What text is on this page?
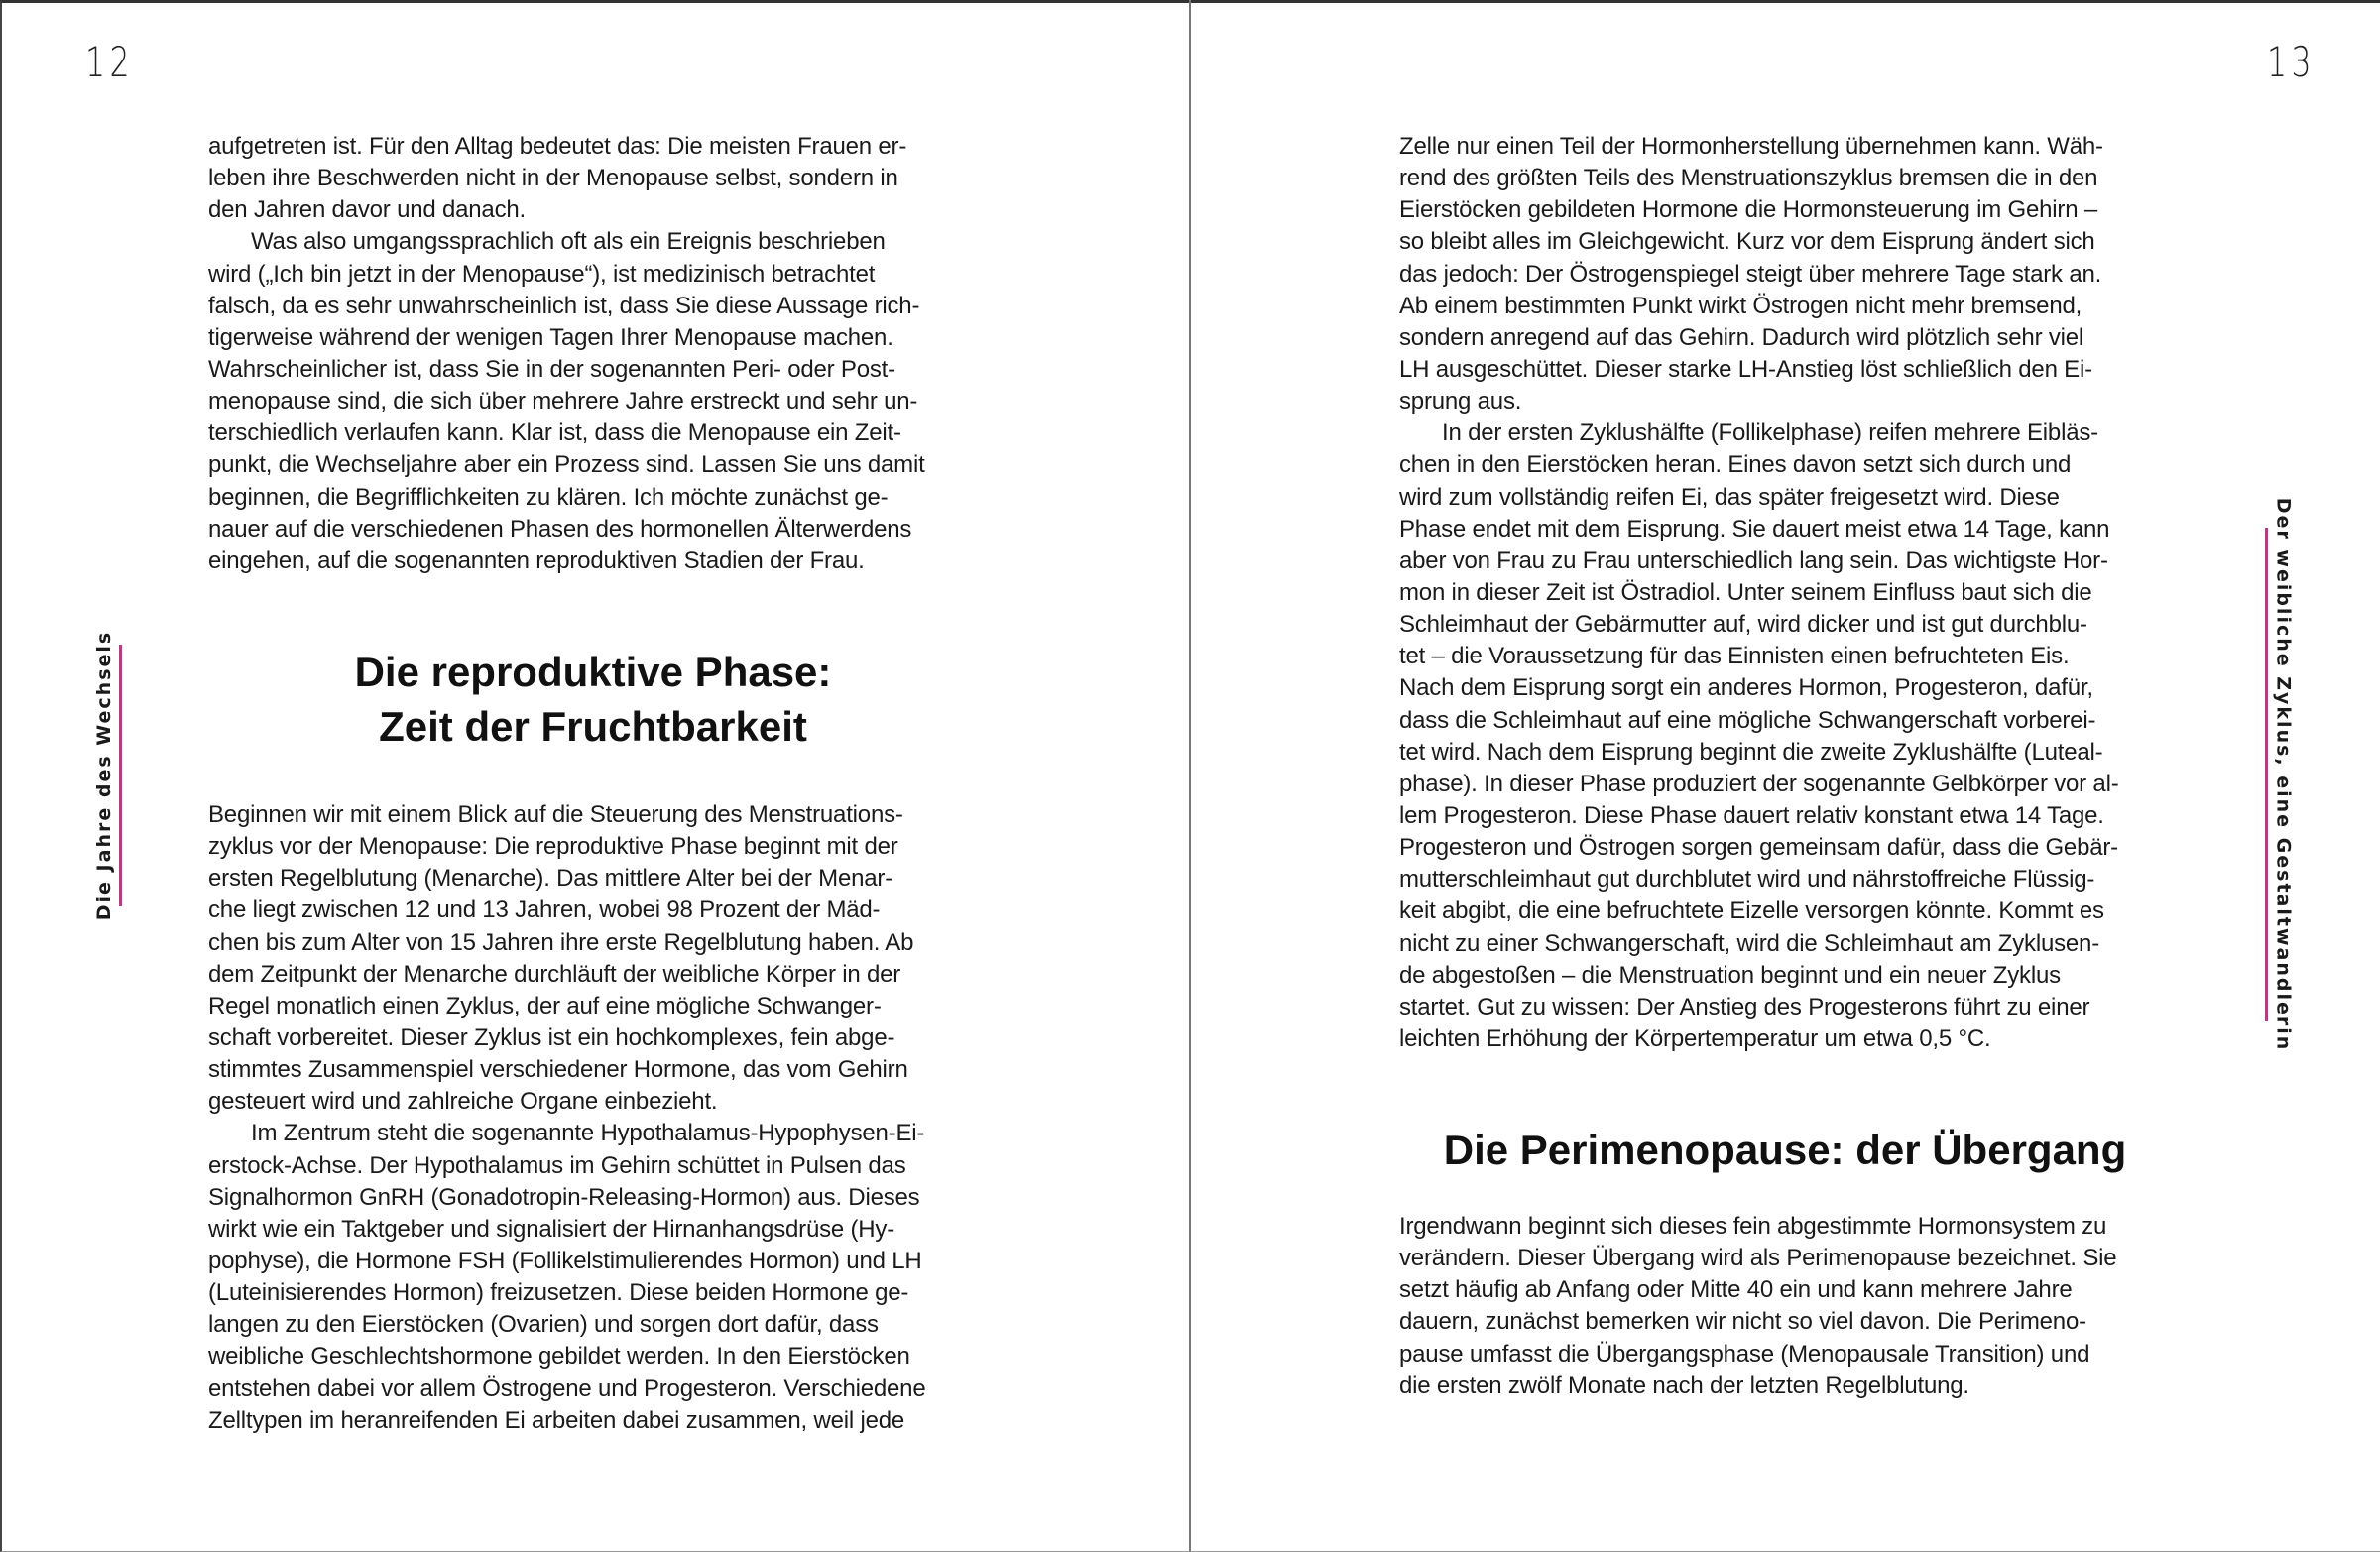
12	13
Die Jahre des Wechsels	Der weibliche Zyklus, eine Gestaltwandlerin
aufgetreten ist. Für den Alltag bedeutet das: Die meisten Frauen er-
leben ihre Beschwerden nicht in der Menopause selbst, sondern in
den Jahren davor und danach.
Was also umgangssprachlich oft als ein Ereignis beschrieben
wird („Ich bin jetzt in der Menopause“), ist medizinisch betrachtet
falsch, da es sehr unwahrscheinlich ist, dass Sie diese Aussage rich-
tigerweise während der wenigen Tagen Ihrer Menopause machen.
Wahrscheinlicher ist, dass Sie in der sogenannten Peri- oder Post-
menopause sind, die sich über mehrere Jahre erstreckt und sehr un-
terschiedlich verlaufen kann. Klar ist, dass die Menopause ein Zeit-
punkt, die Wechseljahre aber ein Prozess sind. Lassen Sie uns damit
beginnen, die Begrifflichkeiten zu klären. Ich möchte zunächst ge-
nauer auf die verschiedenen Phasen des hormonellen Älterwerdens
eingehen, auf die sogenannten reproduktiven Stadien der Frau.
Die reproduktive Phase:
Zeit der Fruchtbarkeit
Beginnen wir mit einem Blick auf die Steuerung des Menstruations-
zyklus vor der Menopause: Die reproduktive Phase beginnt mit der
ersten Regelblutung (Menarche). Das mittlere Alter bei der Menar-
che liegt zwischen 12 und 13 Jahren, wobei 98 Prozent der Mäd-
chen bis zum Alter von 15 Jahren ihre erste Regelblutung haben. Ab
dem Zeitpunkt der Menarche durchläuft der weibliche Körper in der
Regel monatlich einen Zyklus, der auf eine mögliche Schwanger-
schaft vorbereitet. Dieser Zyklus ist ein hochkomplexes, fein abge-
stimmtes Zusammenspiel verschiedener Hormone, das vom Gehirn
gesteuert wird und zahlreiche Organe einbezieht.
Im Zentrum steht die sogenannte Hypothalamus-Hypophysen-Ei-
erstock-Achse. Der Hypothalamus im Gehirn schüttet in Pulsen das
Signalhormon GnRH (Gonadotropin-Releasing-Hormon) aus. Dieses
wirkt wie ein Taktgeber und signalisiert der Hirnanhangsdrüse (Hy-
pophyse), die Hormone FSH (Follikelstimulierendes Hormon) und LH
(Luteinisierendes Hormon) freizusetzen. Diese beiden Hormone ge-
langen zu den Eierstöcken (Ovarien) und sorgen dort dafür, dass
weibliche Geschlechtshormone gebildet werden. In den Eierstöcken
entstehen dabei vor allem Östrogene und Progesteron. Verschiedene
Zelltypen im heranreifenden Ei arbeiten dabei zusammen, weil jede
Zelle nur einen Teil der Hormonherstellung übernehmen kann. Wäh-
rend des größten Teils des Menstruationszyklus bremsen die in den
Eierstöcken gebildeten Hormone die Hormonsteuerung im Gehirn –
so bleibt alles im Gleichgewicht. Kurz vor dem Eisprung ändert sich
das jedoch: Der Östrogenspiegel steigt über mehrere Tage stark an.
Ab einem bestimmten Punkt wirkt Östrogen nicht mehr bremsend,
sondern anregend auf das Gehirn. Dadurch wird plötzlich sehr viel
LH ausgeschüttet. Dieser starke LH-Anstieg löst schließlich den Ei-
sprung aus.
In der ersten Zyklushälfte (Follikelphase) reifen mehrere Eibläs-
chen in den Eierstöcken heran. Eines davon setzt sich durch und
wird zum vollständig reifen Ei, das später freigesetzt wird. Diese
Phase endet mit dem Eisprung. Sie dauert meist etwa 14 Tage, kann
aber von Frau zu Frau unterschiedlich lang sein. Das wichtigste Hor-
mon in dieser Zeit ist Östradiol. Unter seinem Einfluss baut sich die
Schleimhaut der Gebärmutter auf, wird dicker und ist gut durchblu-
tet – die Voraussetzung für das Einnisten einen befruchteten Eis.
Nach dem Eisprung sorgt ein anderes Hormon, Progesteron, dafür,
dass die Schleimhaut auf eine mögliche Schwangerschaft vorberei-
tet wird. Nach dem Eisprung beginnt die zweite Zyklushälfte (Luteal-
phase). In dieser Phase produziert der sogenannte Gelbkörper vor al-
lem Progesteron. Diese Phase dauert relativ konstant etwa 14 Tage.
Progesteron und Östrogen sorgen gemeinsam dafür, dass die Gebär-
mutterschleimhaut gut durchblutet wird und nährstoffreiche Flüssig-
keit abgibt, die eine befruchtete Eizelle versorgen könnte. Kommt es
nicht zu einer Schwangerschaft, wird die Schleimhaut am Zyklusen-
de abgestoßen – die Menstruation beginnt und ein neuer Zyklus
startet. Gut zu wissen: Der Anstieg des Progesterons führt zu einer
leichten Erhöhung der Körpertemperatur um etwa 0,5 °C.
Die Perimenopause: der Übergang
Irgendwann beginnt sich dieses fein abgestimmte Hormonsystem zu
verändern. Dieser Übergang wird als Perimenopause bezeichnet. Sie
setzt häufig ab Anfang oder Mitte 40 ein und kann mehrere Jahre
dauern, zunächst bemerken wir nicht so viel davon. Die Perimeno-
pause umfasst die Übergangsphase (Menopausale Transition) und
die ersten zwölf Monate nach der letzten Regelblutung.
